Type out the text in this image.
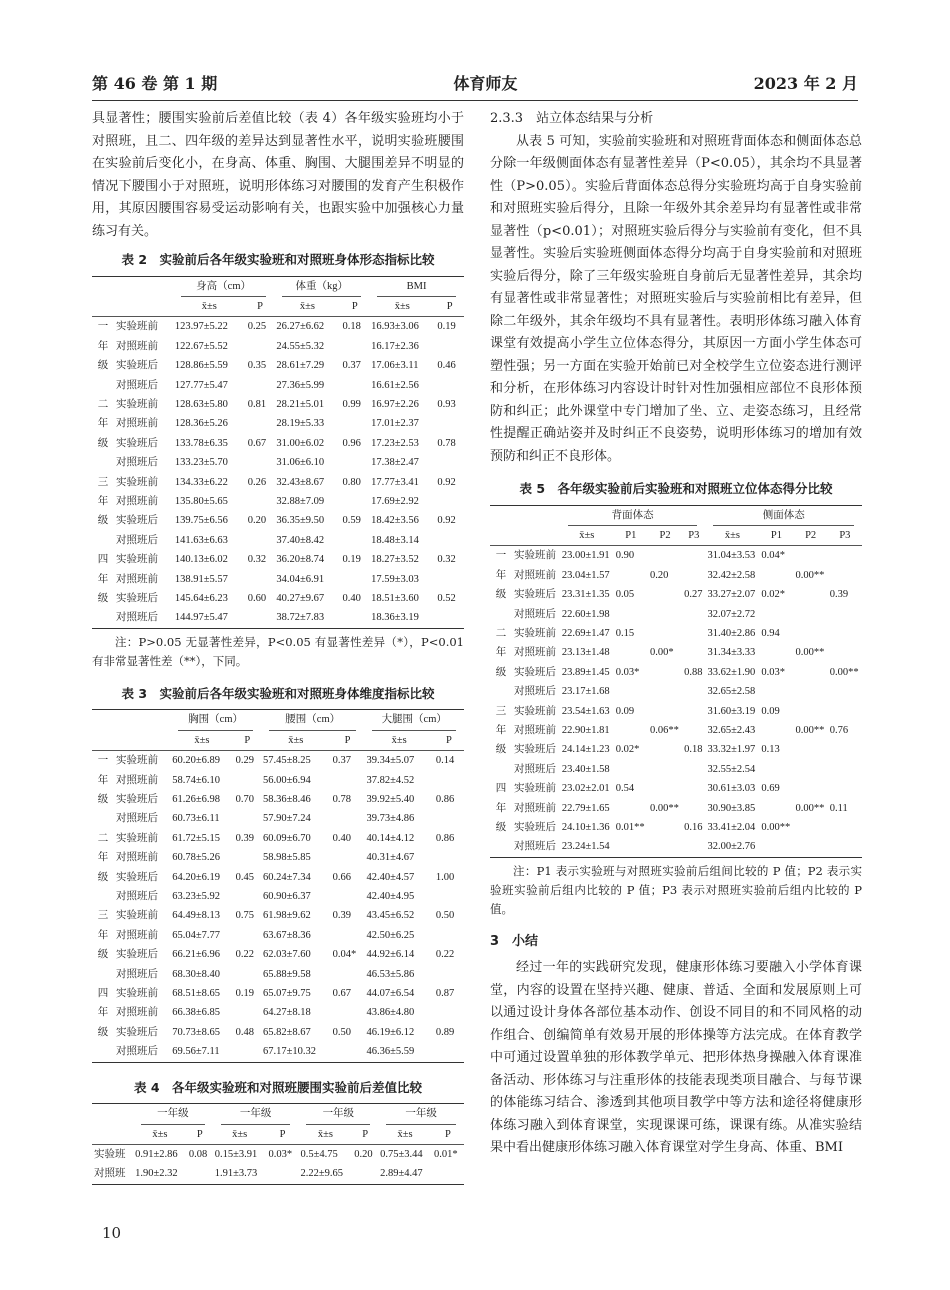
第 46 卷 第 1 期	体育师友	2023 年 2 月

具显著性；腰围实验前后差值比较（表 4）各年级实验班均小于对照班，且二、四年级的差异达到显著性水平，说明实验班腰围在实验前后变化小，在身高、体重、胸围、大腿围差异不明显的情况下腰围小于对照班，说明形体练习对腰围的发育产生积极作用，其原因腰围容易受运动影响有关，也跟实验中加强核心力量练习有关。

表 2　实验前后各年级实验班和对照班身体形态指标比较

		身高（cm）		体重（kg）		BMI	

		x̄±s	P	x̄±s	P	x̄±s	P
一	实验班前	123.97±5.22	0.25	26.27±6.62	0.18	16.93±3.06	0.19
年	对照班前	122.67±5.52		24.55±5.32		16.17±2.36	
级	实验班后	128.86±5.59	0.35	28.61±7.29	0.37	17.06±3.11	0.46
	对照班后	127.77±5.47		27.36±5.99		16.61±2.56	
二	实验班前	128.63±5.80	0.81	28.21±5.01	0.99	16.97±2.26	0.93
年	对照班前	128.36±5.26		28.19±5.33		17.01±2.37	
级	实验班后	133.78±6.35	0.67	31.00±6.02	0.96	17.23±2.53	0.78
	对照班后	133.23±5.70		31.06±6.10		17.38±2.47	
三	实验班前	134.33±6.22	0.26	32.43±8.67	0.80	17.77±3.41	0.92
年	对照班前	135.80±5.65		32.88±7.09		17.69±2.92	
级	实验班后	139.75±6.56	0.20	36.35±9.50	0.59	18.42±3.56	0.92
	对照班后	141.63±6.63		37.40±8.42		18.48±3.14	
四	实验班前	140.13±6.02	0.32	36.20±8.74	0.19	18.27±3.52	0.32
年	对照班前	138.91±5.57		34.04±6.91		17.59±3.03	
级	实验班后	145.64±6.23	0.60	40.27±9.67	0.40	18.51±3.60	0.52
	对照班后	144.97±5.47		38.72±7.83		18.36±3.19	

注：P>0.05 无显著性差异，P<0.05 有显著性差异（*），P<0.01 有非常显著性差（**），下同。

表 3　实验前后各年级实验班和对照班身体维度指标比较

		胸围（cm）		腰围（cm）		大腿围（cm）	

		x̄±s	P	x̄±s	P	x̄±s	P
一	实验班前	60.20±6.89	0.29	57.45±8.25	0.37	39.34±5.07	0.14
年	对照班前	58.74±6.10		56.00±6.94		37.82±4.52	
级	实验班后	61.26±6.98	0.70	58.36±8.46	0.78	39.92±5.40	0.86
	对照班后	60.73±6.11		57.90±7.24		39.73±4.86	
二	实验班前	61.72±5.15	0.39	60.09±6.70	0.40	40.14±4.12	0.86
年	对照班前	60.78±5.26		58.98±5.85		40.31±4.67	
级	实验班后	64.20±6.19	0.45	60.24±7.34	0.66	42.40±4.57	1.00
	对照班后	63.23±5.92		60.90±6.37		42.40±4.95	
三	实验班前	64.49±8.13	0.75	61.98±9.62	0.39	43.45±6.52	0.50
年	对照班前	65.04±7.77		63.67±8.36		42.50±6.25	
级	实验班后	66.21±6.96	0.22	62.03±7.60	0.04*	44.92±6.14	0.22
	对照班后	68.30±8.40		65.88±9.58		46.53±5.86	
四	实验班前	68.51±8.65	0.19	65.07±9.75	0.67	44.07±6.54	0.87
年	对照班前	66.38±6.85		64.27±8.18		43.86±4.80	
级	实验班后	70.73±8.65	0.48	65.82±8.67	0.50	46.19±6.12	0.89
	对照班后	69.56±7.11		67.17±10.32		46.36±5.59	
表 4　各年级实验班和对照班腰围实验前后差值比较

	一年级		一年级		一年级		一年级	

	x̄±s	P	x̄±s	P	x̄±s	P	x̄±s	P
实验班	0.91±2.86	0.08	0.15±3.91	0.03*	0.5±4.75	0.20	0.75±3.44	0.01*
对照班	1.90±2.32		1.91±3.73		2.22±9.65		2.89±4.47	

2.3.3　站立体态结果与分析

从表 5 可知，实验前实验班和对照班背面体态和侧面体态总分除一年级侧面体态有显著性差异（P<0.05），其余均不具显著性（P>0.05）。实验后背面体态总得分实验班均高于自身实验前和对照班实验后得分，且除一年级外其余差异均有显著性或非常显著性（p<0.01）；对照班实验后得分与实验前有变化，但不具显著性。实验后实验班侧面体态得分均高于自身实验前和对照班实验后得分，除了三年级实验班自身前后无显著性差异，其余均有显著性或非常显著性；对照班实验后与实验前相比有差异，但除二年级外，其余年级均不具有显著性。表明形体练习融入体育课堂有效提高小学生立位体态得分，其原因一方面小学生体态可塑性强；另一方面在实验开始前已对全校学生立位姿态进行测评和分析，在形体练习内容设计时针对性加强相应部位不良形体预防和纠正；此外课堂中专门增加了坐、立、走姿态练习，且经常性提醒正确站姿并及时纠正不良姿势，说明形体练习的增加有效预防和纠正不良形体。

表 5　各年级实验前后实验班和对照班立位体态得分比较

		背面体态				侧面体态			

		x̄±s	P1	P2	P3	x̄±s	P1	P2	P3
一	实验班前	23.00±1.91	0.90			31.04±3.53	0.04*		
年	对照班前	23.04±1.57		0.20		32.42±2.58		0.00**	
级	实验班后	23.31±1.35	0.05		0.27	33.27±2.07	0.02*		0.39
	对照班后	22.60±1.98				32.07±2.72			
二	实验班前	22.69±1.47	0.15			31.40±2.86	0.94		
年	对照班前	23.13±1.48		0.00*		31.34±3.33		0.00**	
级	实验班后	23.89±1.45	0.03*		0.88	33.62±1.90	0.03*		0.00**
	对照班后	23.17±1.68				32.65±2.58			
三	实验班前	23.54±1.63	0.09			31.60±3.19	0.09		
年	对照班前	22.90±1.81		0.06**		32.65±2.43		0.00**	0.76
级	实验班后	24.14±1.23	0.02*		0.18	33.32±1.97	0.13		
	对照班后	23.40±1.58				32.55±2.54			
四	实验班前	23.02±2.01	0.54			30.61±3.03	0.69		
年	对照班前	22.79±1.65		0.00**		30.90±3.85		0.00**	0.11
级	实验班后	24.10±1.36	0.01**		0.16	33.41±2.04	0.00**		
	对照班后	23.24±1.54				32.00±2.76			

注：P1 表示实验班与对照班实验前后组间比较的 P 值；P2 表示实验班实验前后组内比较的 P 值；P3 表示对照班实验前后组内比较的 P 值。

3　小结

经过一年的实践研究发现，健康形体练习要融入小学体育课堂，内容的设置在坚持兴趣、健康、普适、全面和发展原则上可以通过设计身体各部位基本动作、创设不同目的和不同风格的动作组合、创编简单有效易开展的形体操等方法完成。在体育教学中可通过设置单独的形体教学单元、把形体热身操融入体育课准备活动、形体练习与注重形体的技能表现类项目融合、与每节课的体能练习结合、渗透到其他项目教学中等方法和途径将健康形体练习融入到体育课堂，实现课课可练，课课有练。从准实验结果中看出健康形体练习融入体育课堂对学生身高、体重、BMI

10
